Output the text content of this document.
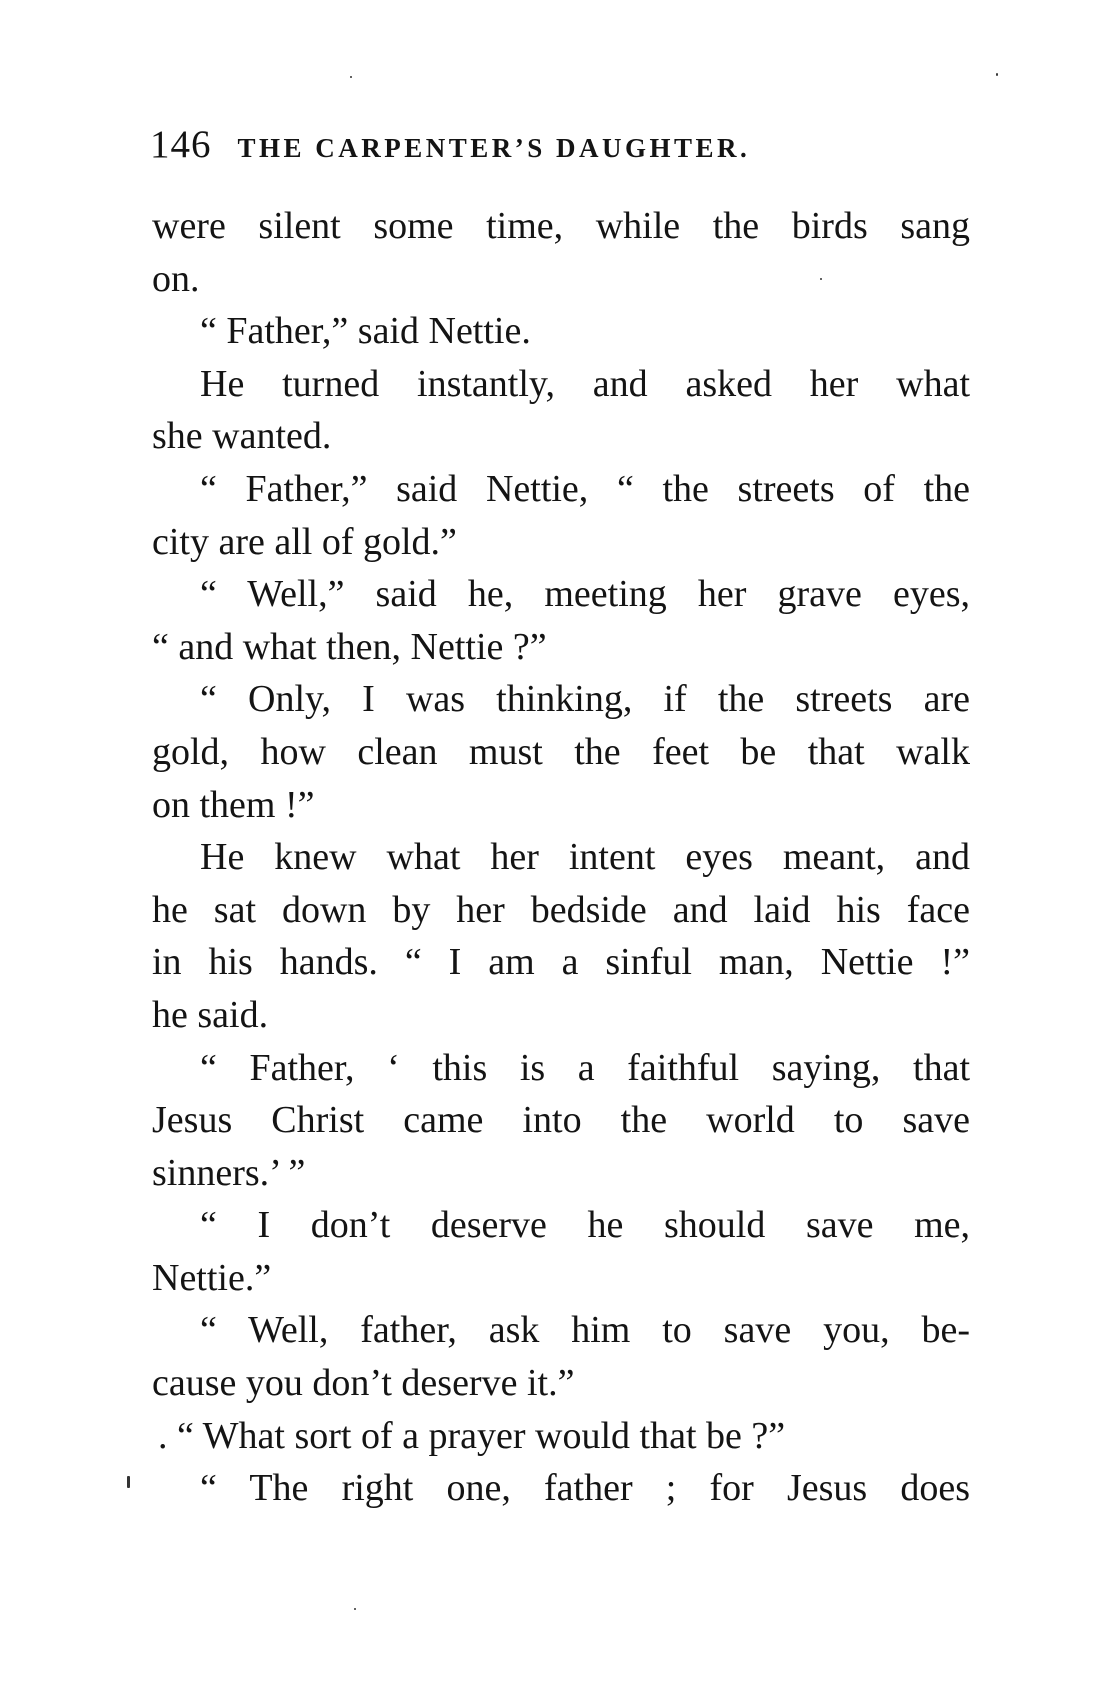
146 THE CARPENTER’S DAUGHTER.
were silent some time, while the birds sang
on.
“ Father,” said Nettie.
He turned instantly, and asked her what
she wanted.
“ Father,” said Nettie, “ the streets of the
city are all of gold.”
“ Well,” said he, meeting her grave eyes,
“ and what then, Nettie ?”
“ Only, I was thinking, if the streets are
gold, how clean must the feet be that walk
on them !”
He knew what her intent eyes meant, and
he sat down by her bedside and laid his face
in his hands. “ I am a sinful man, Nettie !”
he said.
“ Father, ‘ this is a faithful saying, that
Jesus Christ came into the world to save
sinners.’ ”
“ I don’t deserve he should save me,
Nettie.”
“ Well, father, ask him to save you, be-
cause you don’t deserve it.”
. “ What sort of a prayer would that be ?”
“ The right one, father ; for Jesus does
